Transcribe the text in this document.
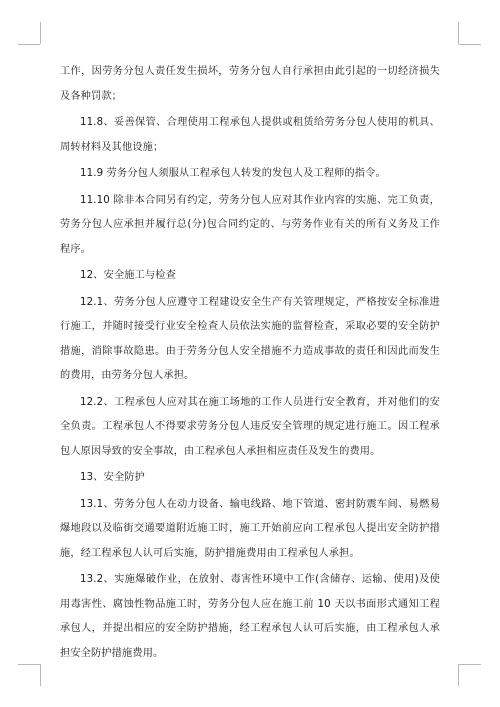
工作，因劳务分包人责任发生损坏，劳务分包人自行承担由此引起的一切经济损失及各种罚款；

11.8、妥善保管、合理使用工程承包人提供或租赁给劳务分包人使用的机具、周转材料及其他设施；

11.9 劳务分包人须服从工程承包人转发的发包人及工程师的指令。

11.10 除非本合同另有约定，劳务分包人应对其作业内容的实施、完工负责，劳务分包人应承担并履行总(分)包合同约定的、与劳务作业有关的所有义务及工作程序。

12、安全施工与检查

12.1、劳务分包人应遵守工程建设安全生产有关管理规定，严格按安全标准进行施工，并随时接受行业安全检查人员依法实施的监督检查，采取必要的安全防护措施，消除事故隐患。由于劳务分包人安全措施不力造成事故的责任和因此而发生的费用，由劳务分包人承担。

12.2、工程承包人应对其在施工场地的工作人员进行安全教育，并对他们的安全负责。工程承包人不得要求劳务分包人违反安全管理的规定进行施工。因工程承包人原因导致的安全事故，由工程承包人承担相应责任及发生的费用。

13、安全防护

13.1、劳务分包人在动力设备、输电线路、地下管道、密封防震车间、易燃易爆地段以及临街交通要道附近施工时，施工开始前应向工程承包人提出安全防护措施，经工程承包人认可后实施，防护措施费用由工程承包人承担。

13.2、实施爆破作业，在放射、毒害性环境中工作(含储存、运输、使用)及使用毒害性、腐蚀性物品施工时，劳务分包人应在施工前 10 天以书面形式通知工程承包人，并提出相应的安全防护措施，经工程承包人认可后实施，由工程承包人承担安全防护措施费用。
